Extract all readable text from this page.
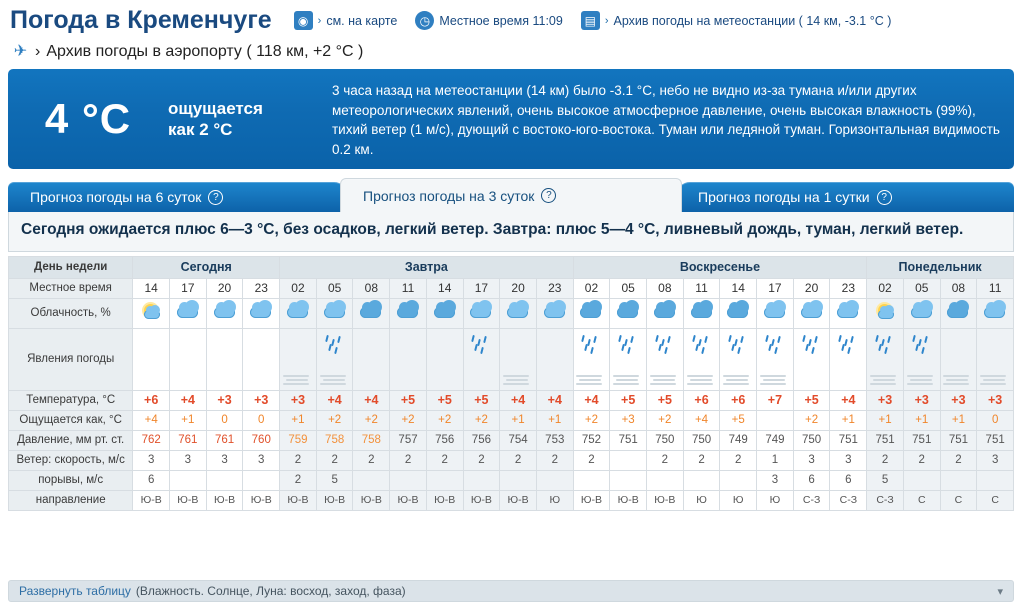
Погода в Кременчуге	◉ › см. на карте	◷ Местное время 11:09	▤ › Архив погоды на метеостанции ( 14 км, -3.1 °C )
✈ › Архив погоды в аэропорту ( 118 км, +2 °C )
4 °C	ощущается
как 2 °C
3 часа назад на метеостанции (14 км) было -3.1 °C, небо не видно из-за тумана и/или других метеорологических явлений, очень высокое атмосферное давление, очень высокая влажность (99%), тихий ветер (1 м/с), дующий с востоко-юго-востока. Туман или ледяной туман. Горизонтальная видимость 0.2 км.
Прогноз погоды на 6 суток	?	Прогноз погоды на 3 суток	?	Прогноз погоды на 1 сутки	?
Сегодня ожидается плюс 6—3 °C, без осадков, легкий ветер. Завтра: плюс 5—4 °C, ливневый дождь, туман, легкий ветер.
День недели	Сегодня				Завтра								Воскресенье								Понедельник			
Местное время	14	17	20	23	02	05	08	11	14	17	20	23	02	05	08	11	14	17	20	23	02	05	08	11
Облачность, %	

Явления погоды					

Температура, °С	+6	+4	+3	+3	+3	+4	+4	+5	+5	+5	+4	+4	+4	+5	+5	+6	+6	+7	+5	+4	+3	+3	+3	+3
Ощущается как, °С	+4	+1	0	0	+1	+2	+2	+2	+2	+2	+1	+1	+2	+3	+2	+4	+5		+2	+1	+1	+1	+1	0
Давление, мм рт. ст.	762	761	761	760	759	758	758	757	756	756	754	753	752	751	750	750	749	749	750	751	751	751	751	751
Ветер: скорость, м/с	3	3	3	3	2	2	2	2	2	2	2	2	2		2	2	2	1	3	3	2	2	2	3
порывы, м/с	6				2	5												3	6	6	5			
направление	Ю-В	Ю-В	Ю-В	Ю-В	Ю-В	Ю-В	Ю-В	Ю-В	Ю-В	Ю-В	Ю-В	Ю	Ю-В	Ю-В	Ю-В	Ю	Ю	Ю	С-З	С-З	С-З	С	С	С
Развернуть таблицу (Влажность. Солнце, Луна: восход, заход, фаза)	▾
